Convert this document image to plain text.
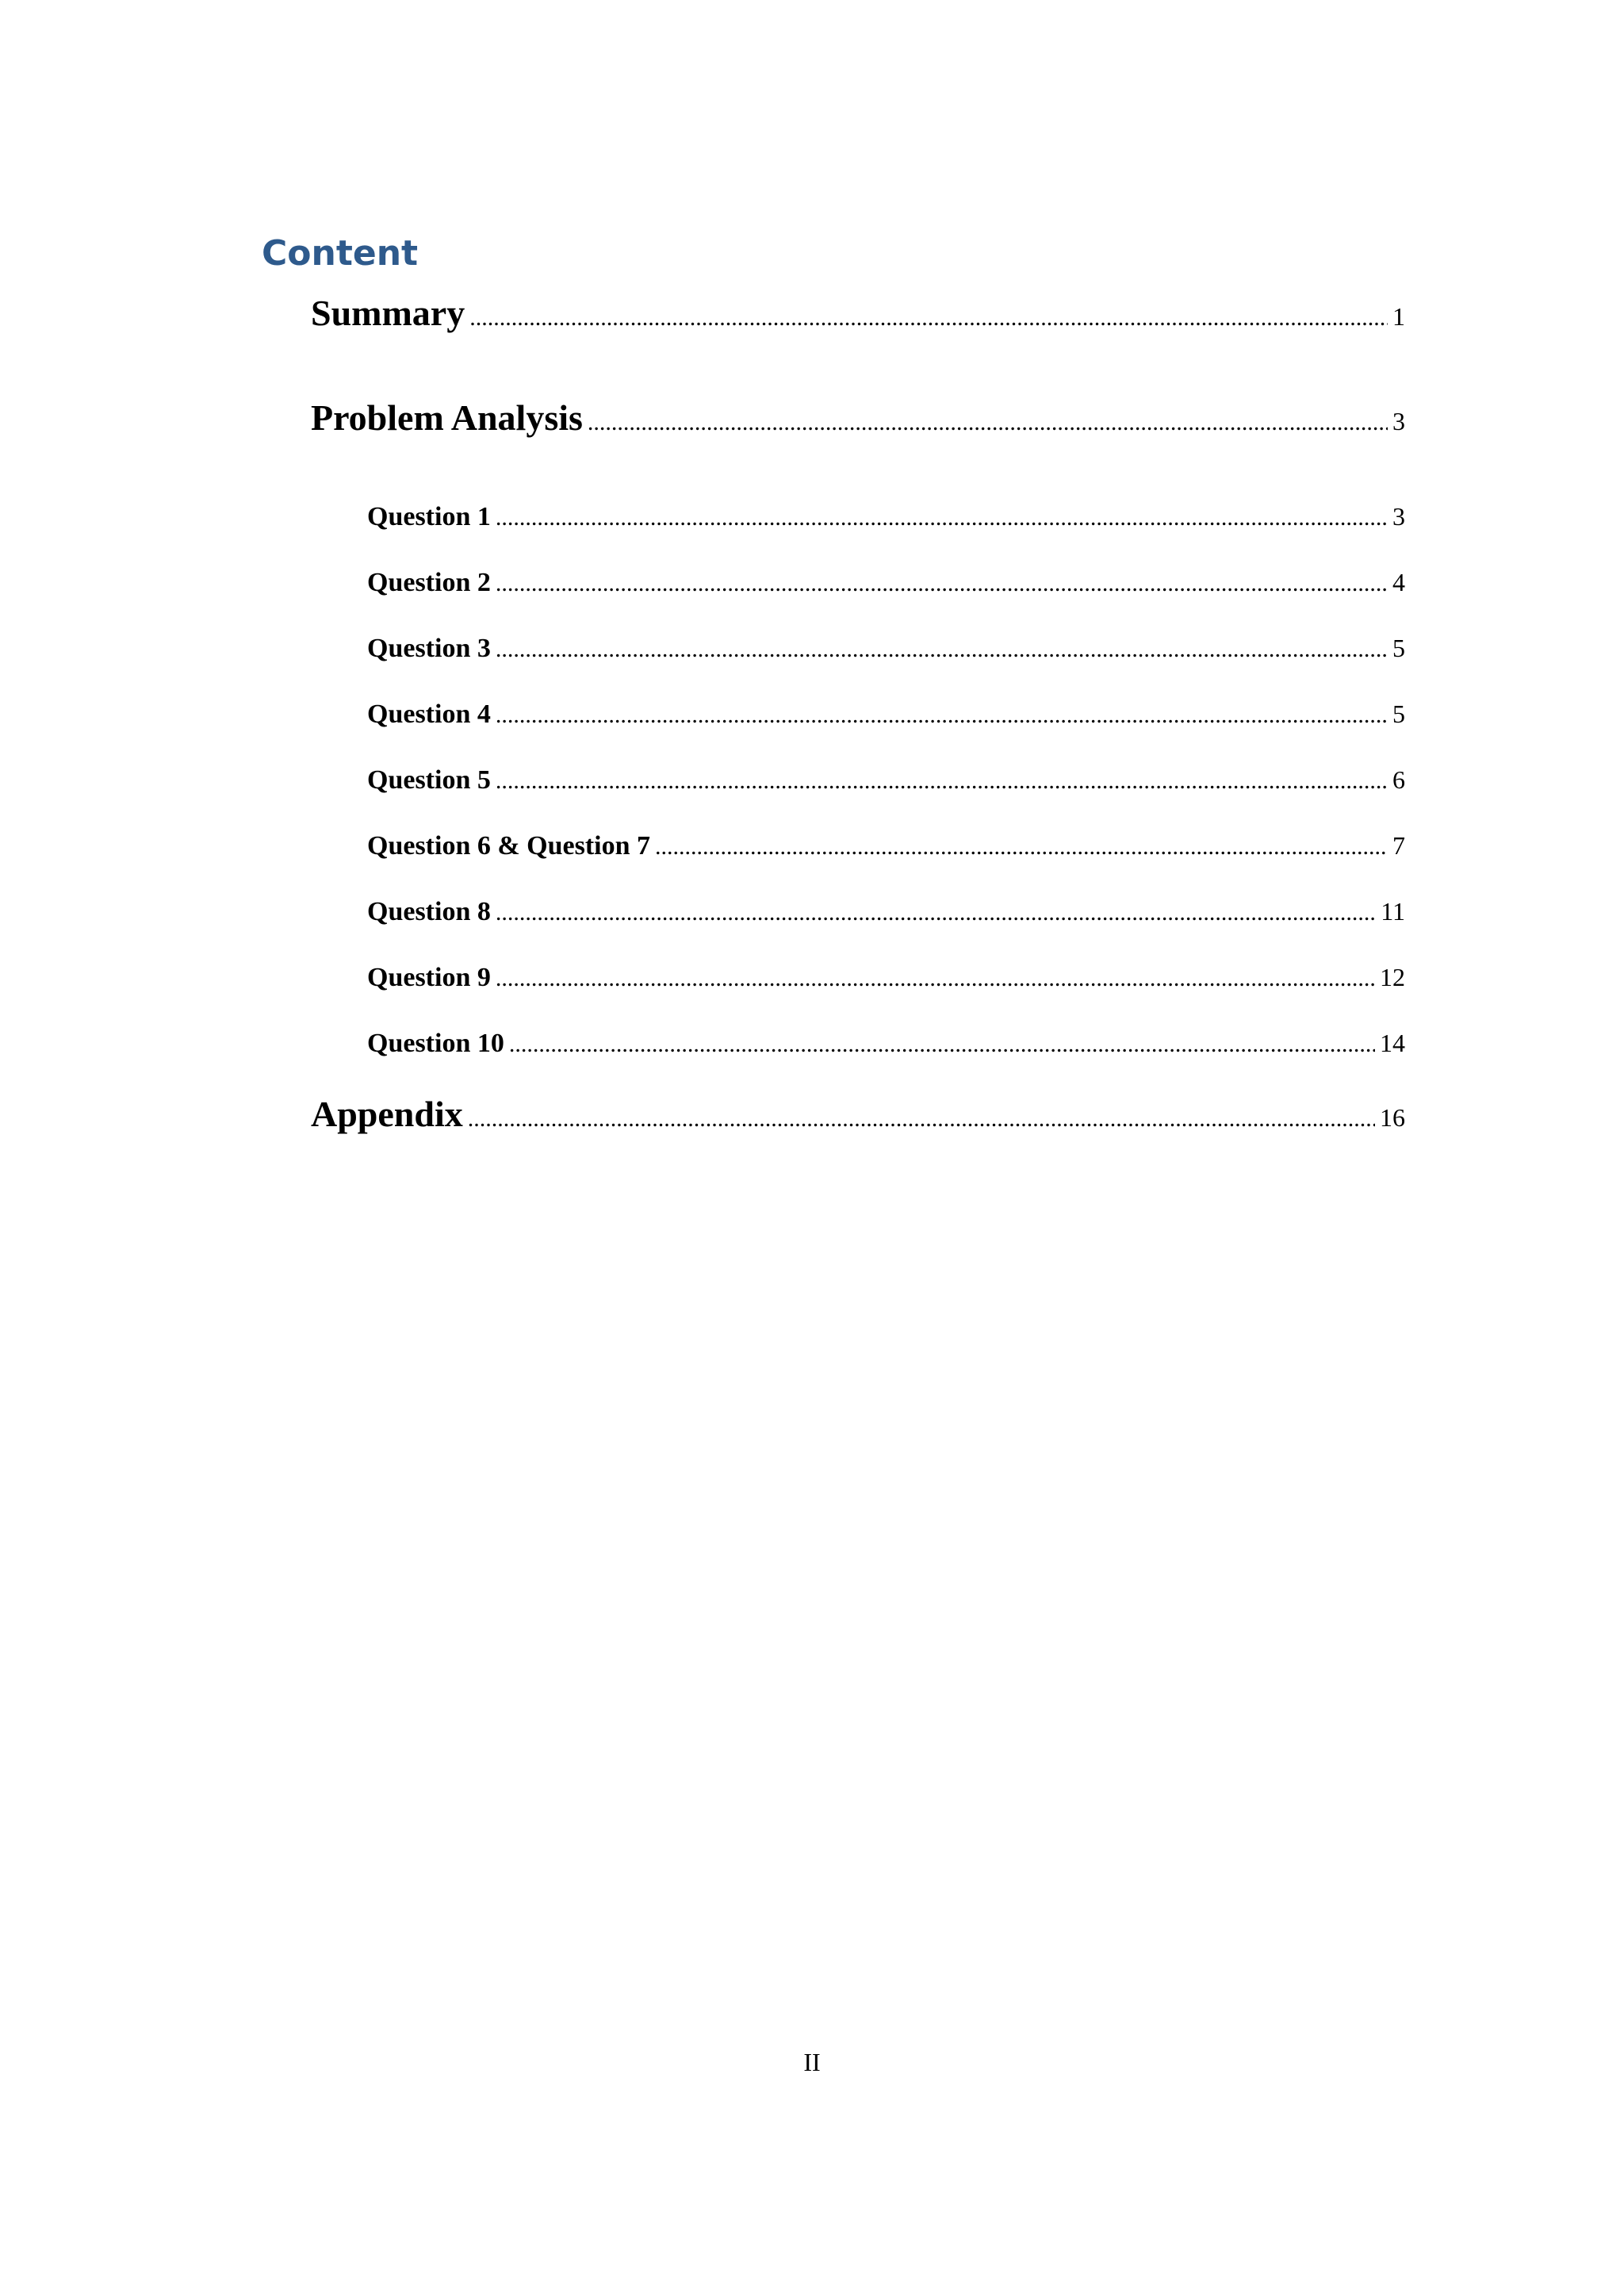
Content
Summary .....	1
Problem Analysis .....	3
Question 1 .....	3
Question 2 .....	4
Question 3 .....	5
Question 4 .....	5
Question 5 .....	6
Question 6 & Question 7 .....	7
Question 8 .....	11
Question 9 .....	12
Question 10 .....	14
Appendix .....	16
II
